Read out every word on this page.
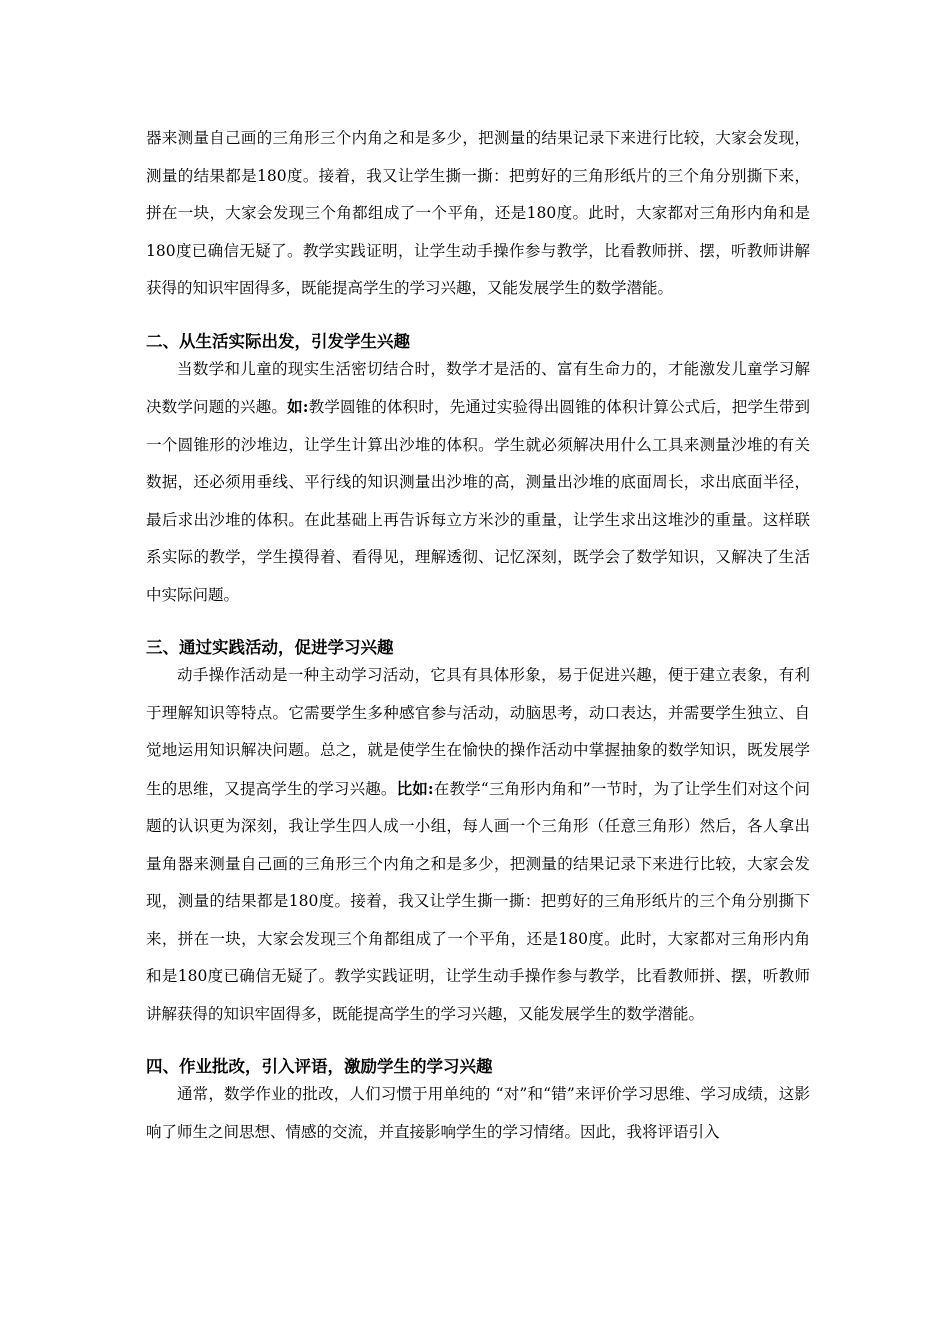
器来测量自己画的三角形三个内角之和是多少，把测量的结果记录下来进行比较，大家会发现，测量的结果都是180度。接着，我又让学生撕一撕：把剪好的三角形纸片的三个角分别撕下来，拼在一块，大家会发现三个角都组成了一个平角，还是180度。此时，大家都对三角形内角和是180度已确信无疑了。教学实践证明，让学生动手操作参与教学，比看教师拼、摆，听教师讲解获得的知识牢固得多，既能提高学生的学习兴趣，又能发展学生的数学潜能。

二、从生活实际出发，引发学生兴趣

当数学和儿童的现实生活密切结合时，数学才是活的、富有生命力的，才能激发儿童学习解决数学问题的兴趣。如:教学圆锥的体积时，先通过实验得出圆锥的体积计算公式后，把学生带到一个圆锥形的沙堆边，让学生计算出沙堆的体积。学生就必须解决用什么工具来测量沙堆的有关数据，还必须用垂线、平行线的知识测量出沙堆的高，测量出沙堆的底面周长，求出底面半径，最后求出沙堆的体积。在此基础上再告诉每立方米沙的重量，让学生求出这堆沙的重量。这样联系实际的教学，学生摸得着、看得见，理解透彻、记忆深刻，既学会了数学知识，又解决了生活中实际问题。

三、通过实践活动，促进学习兴趣

动手操作活动是一种主动学习活动，它具有具体形象，易于促进兴趣，便于建立表象，有利于理解知识等特点。它需要学生多种感官参与活动，动脑思考，动口表达，并需要学生独立、自觉地运用知识解决问题。总之，就是使学生在愉快的操作活动中掌握抽象的数学知识，既发展学生的思维，又提高学生的学习兴趣。比如:在教学“三角形内角和”一节时，为了让学生们对这个问题的认识更为深刻，我让学生四人成一小组，每人画一个三角形（任意三角形）然后，各人拿出量角器来测量自己画的三角形三个内角之和是多少，把测量的结果记录下来进行比较，大家会发现，测量的结果都是180度。接着，我又让学生撕一撕：把剪好的三角形纸片的三个角分别撕下来，拼在一块，大家会发现三个角都组成了一个平角，还是180度。此时，大家都对三角形内角和是180度已确信无疑了。教学实践证明，让学生动手操作参与教学，比看教师拼、摆，听教师讲解获得的知识牢固得多，既能提高学生的学习兴趣，又能发展学生的数学潜能。

四、作业批改，引入评语，激励学生的学习兴趣

通常，数学作业的批改，人们习惯于用单纯的 “对”和“错”来评价学习思维、学习成绩，这影响了师生之间思想、情感的交流，并直接影响学生的学习情绪。因此，我将评语引入
